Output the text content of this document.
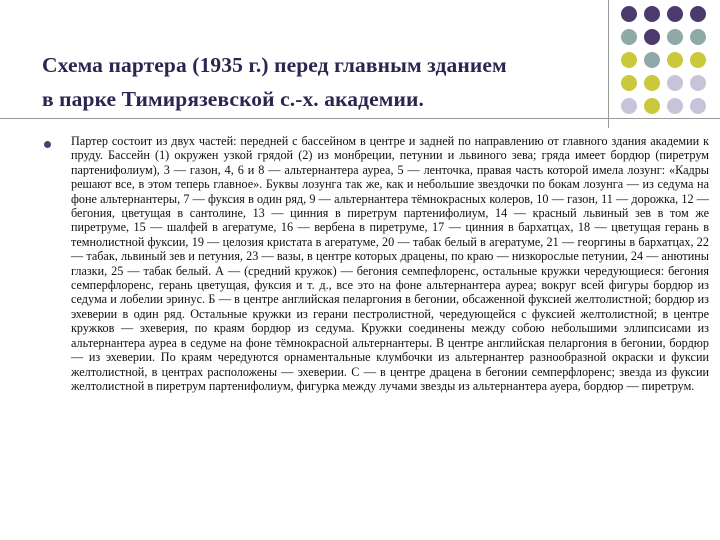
Схема партера (1935 г.) перед главным зданием
в парке Тимирязевской с.-х. академии.

Партер состоит из двух частей: передней с бассейном в центре и задней по направлению от главного здания академии к пруду. Бассейн (1) окружен узкой грядой (2) из монбреции, петунии и львиного зева; гряда имеет бордюр (пиретрум партенифолиум), 3 — газон, 4, 6 и 8 — альтернантера ауреа, 5 — ленточка, правая часть которой имела лозунг: «Кадры решают все, в этом теперь главное». Буквы лозунга так же, как и небольшие звездочки по бокам лозунга — из седума на фоне альтернантеры, 7 — фуксия в один ряд, 9 — альтернантера тёмнокрасных колеров, 10 — газон, 11 — дорожка, 12 — бегония, цветущая в сантолине, 13 — цинния в пиретрум партенифолиум, 14 — красный львиный зев в том же пиретруме, 15 — шалфей в агератуме, 16 — вербена в пиретруме, 17 — цинния в бархатцах, 18 — цветущая герань в темнолистной фуксии, 19 — целозия кристата в агератуме, 20 — табак белый в агератуме, 21 — георгины в бархатцах, 22 — табак, львиный зев и петуния, 23 — вазы, в центре которых драцены, по краю — низкорослые петунии, 24 — анютины глазки, 25 — табак белый. А — (средний кружок) — бегония семпефлоренс, остальные кружки чередующиеся: бегония семперфлоренс, герань цветущая, фуксия и т. д., все это на фоне альтернантера ауреа; вокруг всей фигуры бордюр из седума и лобелии эринус. Б — в центре английская пеларгония в бегонии, обсаженной фуксией желтолистной; бордюр из эхеверии в один ряд. Остальные кружки из герани пестролистной, чередующейся с фуксией желтолистной; в центре кружков — эхеверия, по краям бордюр из седума. Кружки соединены между собою небольшими эллипсисами из альтернантера ауреа в седуме на фоне тёмнокрасной альтернантеры. В центре английская пеларгония в бегонии, бордюр — из эхеверии. По краям чередуются орнаментальные клумбочки из альтернантер разнообразной окраски и фуксии желтолистной, в центрах расположены — эхеверии. С — в центре драцена в бегонии семперфлоренс; звезда из фуксии желтолистной в пиретрум партенифолиум, фигурка между лучами звезды из альтернантера ауера, бордюр — пиретрум.
